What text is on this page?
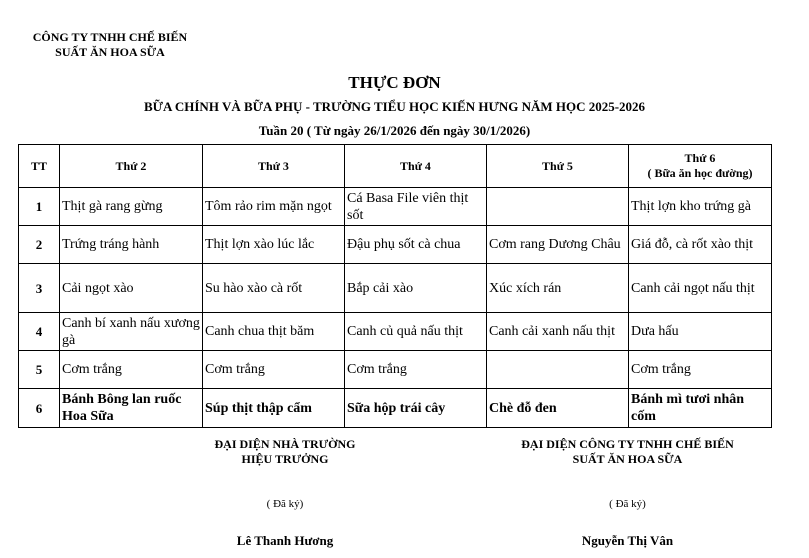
CÔNG TY TNHH CHẾ BIẾN
SUẤT ĂN HOA SỮA
THỰC ĐƠN
BỮA CHÍNH VÀ BỮA PHỤ - TRƯỜNG TIỂU HỌC KIẾN HƯNG NĂM HỌC 2025-2026
Tuần 20 ( Từ ngày 26/1/2026 đến ngày 30/1/2026)
TT	Thứ 2	Thứ 3	Thứ 4	Thứ 5	Thứ 6
( Bữa ăn học đường)

1	Thịt gà rang gừng	Tôm rảo rim mặn ngọt	Cá Basa File viên thịt sốt		Thịt lợn kho trứng gà
2	Trứng tráng hành	Thịt lợn xào lúc lắc	Đậu phụ sốt cà chua	Cơm rang Dương Châu	Giá đỗ, cà rốt xào thịt
3	Cải ngọt xào	Su hào xào cà rốt	Bắp cải xào	Xúc xích rán	Canh cải ngọt nấu thịt
4	Canh bí xanh nấu xương gà	Canh chua thịt băm	Canh củ quả nấu thịt	Canh cải xanh nấu thịt	Dưa hấu
5	Cơm trắng	Cơm trắng	Cơm trắng		Cơm trắng
6	Bánh Bông lan ruốc Hoa Sữa	Súp thịt thập cẩm	Sữa hộp trái cây	Chè đỗ đen	Bánh mì tươi nhân cốm
ĐẠI DIỆN NHÀ TRƯỜNG
HIỆU TRƯỞNG
( Đã ký)
Lê Thanh Hương
ĐẠI DIỆN CÔNG TY TNHH CHẾ BIẾN
SUẤT ĂN HOA SỮA
( Đã ký)
Nguyễn Thị Vân
